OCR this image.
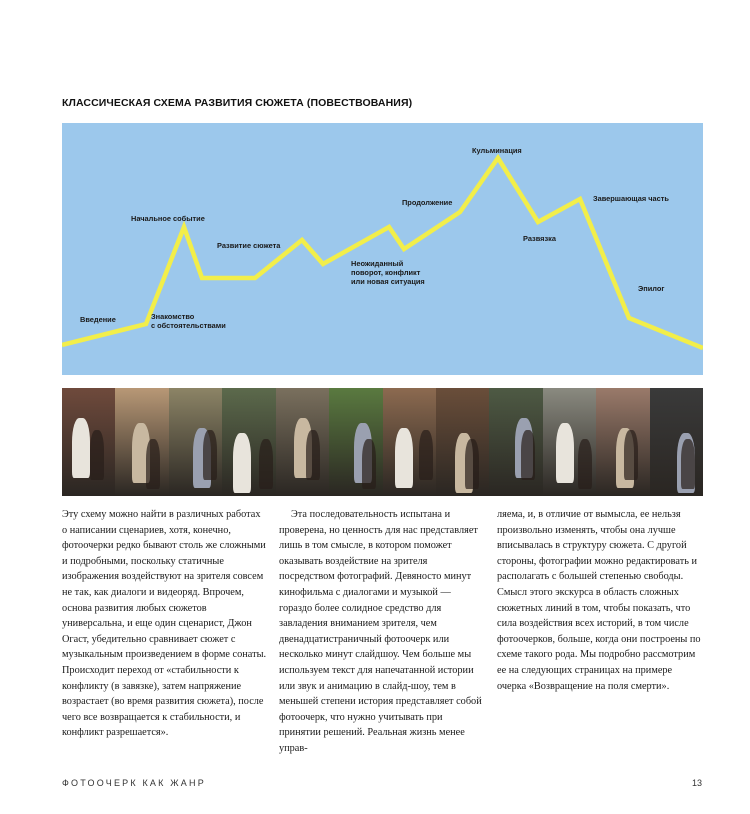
КЛАССИЧЕСКАЯ СХЕМА РАЗВИТИЯ СЮЖЕТА (ПОВЕСТВОВАНИЯ)
Введение	Знакомство
с обстоятельствами
Начальное событие
Развитие сюжета
Неожиданный
поворот, конфликт
или новая ситуация
Продолжение
Кульминация
Развязка
Завершающая часть
Эпилог

Эту схему можно найти в различных работах о написании сценариев, хотя, конечно, фотоочерки редко бывают столь же сложными и подробными, поскольку статичные изображения воздействуют на зрителя совсем не так, как диалоги и видеоряд. Впрочем, основа развития любых сюжетов универсальна, и еще один сценарист, Джон Огаст, убедительно сравнивает сюжет с музыкальным произведением в форме сонаты. Происходит переход от «стабильности к конфликту (в завязке), затем напряжение возрастает (во время развития сюжета), после чего все возвращается к стабильности, и конфликт разрешается».

Эта последовательность испытана и проверена, но ценность для нас представляет лишь в том смысле, в котором поможет оказывать воздействие на зрителя посредством фотографий. Девяносто минут кинофильма с диалогами и музыкой — гораздо более солидное средство для завладения вниманием зрителя, чем двенадцатистраничный фотоочерк или несколько минут слайдшоу. Чем больше мы используем текст для напечатанной истории или звук и анимацию в слайд-шоу, тем в меньшей степени история представляет собой фотоочерк, что нужно учитывать при принятии решений. Реальная жизнь менее управ-

ляема, и, в отличие от вымысла, ее нельзя произвольно изменять, чтобы она лучше вписывалась в структуру сюжета. С другой стороны, фотографии можно редактировать и располагать с большей степенью свободы. Смысл этого экскурса в область сложных сюжетных линий в том, чтобы показать, что сила воздействия всех историй, в том числе фотоочерков, больше, когда они построены по схеме такого рода. Мы подробно рассмотрим ее на следующих страницах на примере очерка «Возвращение на поля смерти».

ФОТООЧЕРК КАК ЖАНР	13
